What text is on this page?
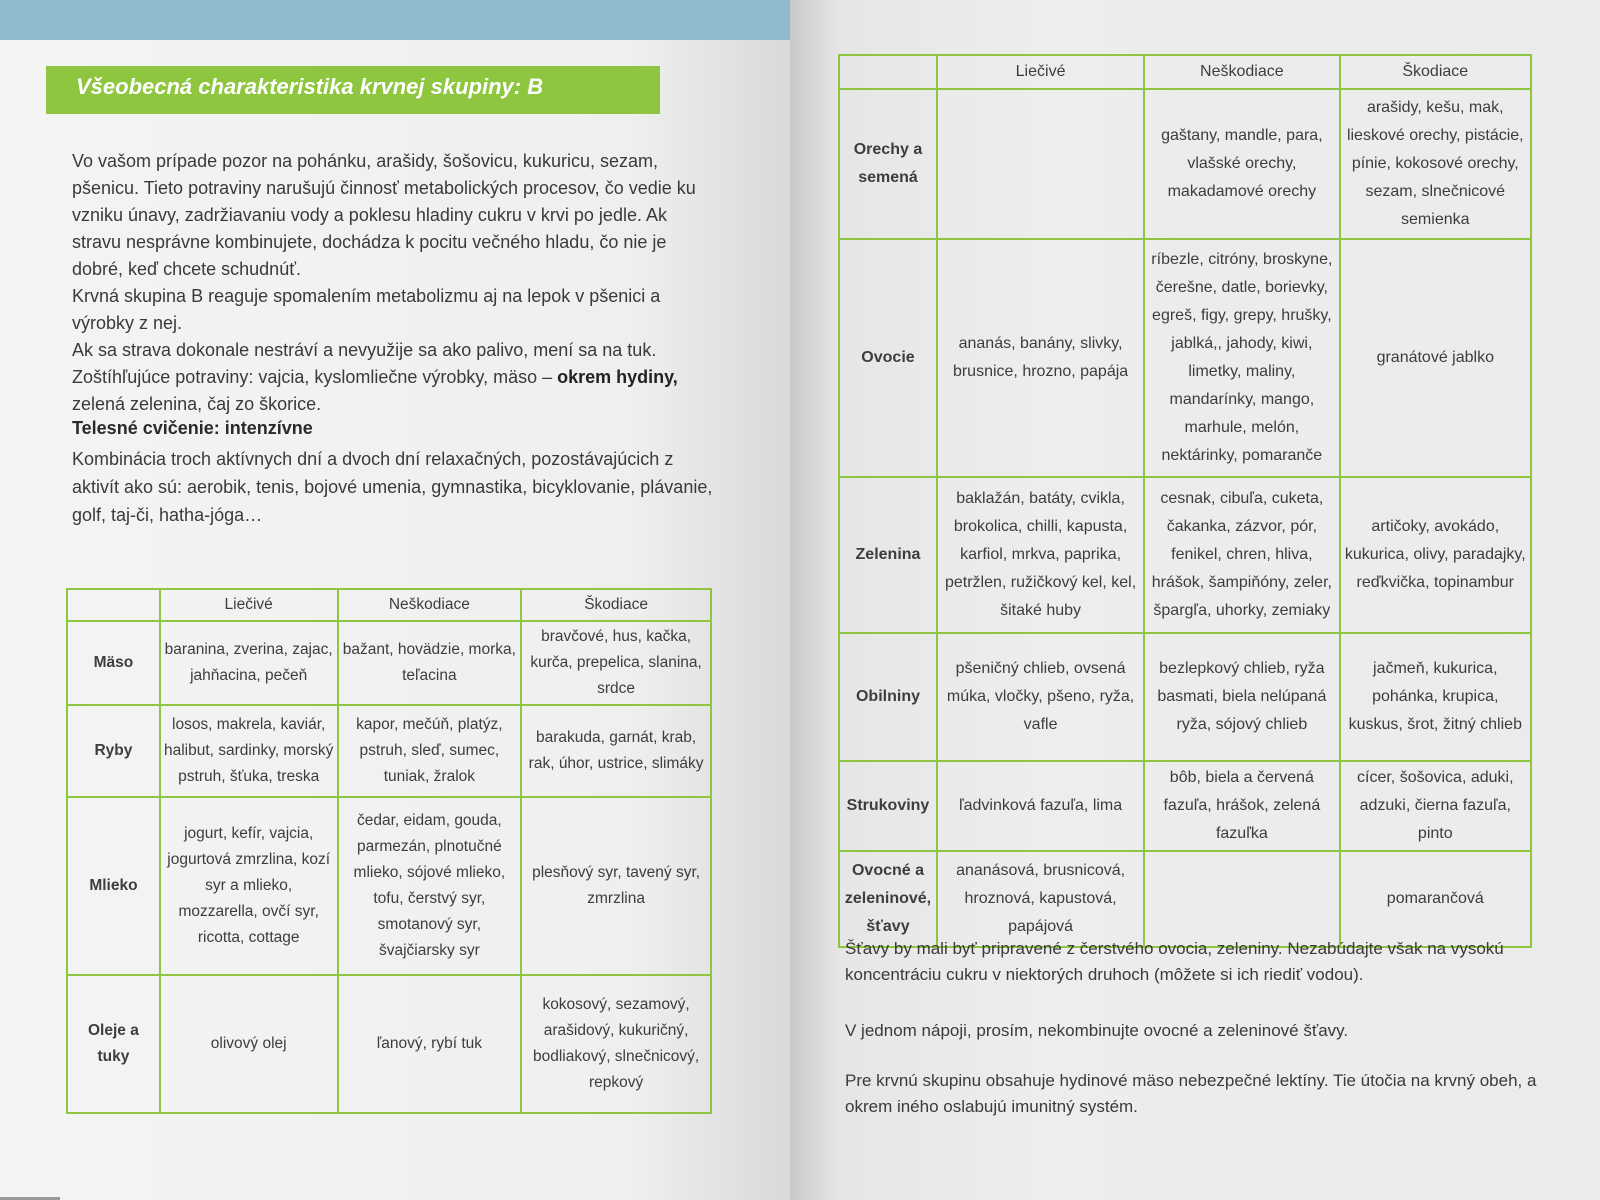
Všeobecná charakteristika krvnej skupiny: B

Vo vašom prípade pozor na pohánku, arašidy, šošovicu, kukuricu, sezam, pšenicu. Tieto potraviny narušujú činnosť metabolických procesov, čo vedie ku vzniku únavy, zadržiavaniu vody a poklesu hladiny cukru v krvi po jedle. Ak stravu nesprávne kombinujete, dochádza k pocitu večného hladu, čo nie je dobré, keď chcete schudnúť.

Krvná skupina B reaguje spomalením metabolizmu aj na lepok v pšenici a výrobky z nej.

Ak sa strava dokonale nestráví a nevyužije sa ako palivo, mení sa na tuk.

Zoštíhľujúce potraviny: vajcia, kyslomliečne výrobky, mäso – okrem hydiny, zelená zelenina, čaj zo škorice.

Telesné cvičenie: intenzívne
Kombinácia troch aktívnych dní a dvoch dní relaxačných, pozostávajúcich z aktivít ako sú: aerobik, tenis, bojové umenia, gymnastika, bicyklovanie, plávanie, golf, taj-či, hatha-jóga…
	Liečivé	Neškodiace	Škodiace
Mäso	baranina, zverina, zajac, jahňacina, pečeň	bažant, hovädzie, morka, teľacina	bravčové, hus, kačka, kurča, prepelica, slanina, srdce
Ryby	losos, makrela, kaviár, halibut, sardinky, morský pstruh, šťuka, treska	kapor, mečúň, platýz, pstruh, sleď, sumec, tuniak, žralok	barakuda, garnát, krab, rak, úhor, ustrice, slimáky
Mlieko	jogurt, kefír, vajcia, jogurtová zmrzlina, kozí syr a mlieko, mozzarella, ovčí syr, ricotta, cottage	čedar, eidam, gouda, parmezán, plnotučné mlieko, sójové mlieko, tofu, čerstvý syr, smotanový syr, švajčiarsky syr	plesňový syr, tavený syr, zmrzlina
Oleje a tuky	olivový olej	ľanový, rybí tuk	kokosový, sezamový, arašidový, kukuričný, bodliakový, slnečnicový, repkový
	Liečivé	Neškodiace	Škodiace
Orechy a semená		gaštany, mandle, para, vlašské orechy, makadamové orechy	arašidy, kešu, mak, lieskové orechy, pistácie, pínie, kokosové orechy, sezam, slnečnicové semienka
Ovocie	ananás, banány, slivky, brusnice, hrozno, papája	ríbezle, citróny, broskyne, čerešne, datle, borievky, egreš, figy, grepy, hrušky, jablká,, jahody, kiwi, limetky, maliny, mandarínky, mango, marhule, melón, nektárinky, pomaranče	granátové jablko
Zelenina	baklažán, batáty, cvikla, brokolica, chilli, kapusta, karfiol, mrkva, paprika, petržlen, ružičkový kel, kel, šitaké huby	cesnak, cibuľa, cuketa, čakanka, zázvor, pór, fenikel, chren, hliva, hrášok, šampiňóny, zeler, špargľa, uhorky, zemiaky	artičoky, avokádo, kukurica, olivy, paradajky, reďkvička, topinambur
Obilniny	pšeničný chlieb, ovsená múka, vločky, pšeno, ryža, vafle	bezlepkový chlieb, ryža basmati, biela nelúpaná ryža, sójový chlieb	jačmeň, kukurica, pohánka, krupica, kuskus, šrot, žitný chlieb
Strukoviny	ľadvinková fazuľa, lima	bôb, biela a červená fazuľa, hrášok, zelená fazuľka	cícer, šošovica, aduki, adzuki, čierna fazuľa, pinto
Ovocné a zeleninové, šťavy	ananásová, brusnicová, hroznová, kapustová, papájová		pomarančová

Šťavy by mali byť pripravené z čerstvého ovocia, zeleniny. Nezabúdajte však na vysokú koncentráciu cukru v niektorých druhoch (môžete si ich riediť vodou).

V jednom nápoji, prosím, nekombinujte ovocné a zeleninové šťavy.

Pre krvnú skupinu obsahuje hydinové mäso nebezpečné lektíny. Tie útočia na krvný obeh, a okrem iného oslabujú imunitný systém.
